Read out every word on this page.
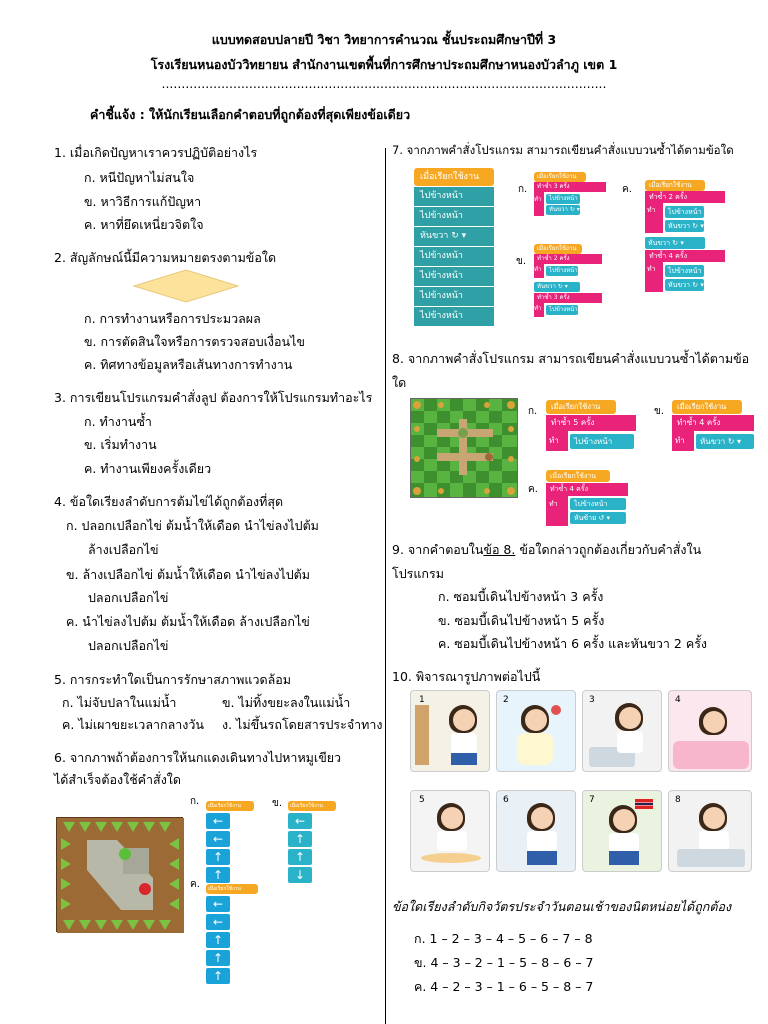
แบบทดสอบปลายปี วิชา วิทยาการคำนวณ ชั้นประถมศึกษาปีที่ 3
โรงเรียนหนองบัววิทยายน สำนักงานเขตพื้นที่การศึกษาประถมศึกษาหนองบัวลำภู เขต 1
................................................................................................................
คำชี้แจ้ง : ให้นักเรียนเลือกคำตอบที่ถูกต้องที่สุดเพียงข้อเดียว
1. เมื่อเกิดปัญหาเราควรปฏิบัติอย่างไร
ก. หนีปัญหาไม่สนใจ
ข. หาวิธีการแก้ปัญหา
ค. หาที่ยึดเหนี่ยวจิตใจ
2. สัญลักษณ์นี้มีความหมายตรงตามข้อใด
ก. การทำงานหรือการประมวลผล
ข. การตัดสินใจหรือการตรวจสอบเงื่อนไข
ค. ทิศทางข้อมูลหรือเส้นทางการทำงาน
3. การเขียนโปรแกรมคำสั่งลูป ต้องการให้โปรแกรมทำอะไร
ก. ทำงานซ้ำ
ข. เริ่มทำงาน
ค. ทำงานเพียงครั้งเดียว
4. ข้อใดเรียงลำดับการต้มไข่ได้ถูกต้องที่สุด
ก. ปลอกเปลือกไข่ ต้มน้ำให้เดือด นำไข่ลงไปต้ม
ล้างเปลือกไข่
ข. ล้างเปลือกไข่ ต้มน้ำให้เดือด นำไข่ลงไปต้ม
ปลอกเปลือกไข่
ค. นำไข่ลงไปต้ม ต้มน้ำให้เดือด ล้างเปลือกไข่
ปลอกเปลือกไข่
5. การกระทำใดเป็นการรักษาสภาพแวดล้อม
ก. ไม่จับปลาในแม่น้ำ	ข. ไม่ทิ้งขยะลงในแม่น้ำ
ค. ไม่เผาขยะเวลากลางวัน ง. ไม่ขึ้นรถโดยสารประจำทาง
6. จากภาพถ้าต้องการให้นกแดงเดินทางไปหาหมูเขียว
ได้สำเร็จต้องใช้คำสั่งใด
ก.	เมื่อเรียกใช้งาน
←
←
↑
↑
ข.	เมื่อเรียกใช้งาน
←
↑
↑
↓
ค.	เมื่อเรียกใช้งาน
←
←
↑
↑
↑
7. จากภาพคำสั่งโปรแกรม สามารถเขียนคำสั่งแบบวนซ้ำได้ตามข้อใด
เมื่อเรียกใช้งาน
ไปข้างหน้า
ไปข้างหน้า
หันขวา ↻ ▾
ไปข้างหน้า
ไปข้างหน้า
ไปข้างหน้า
ไปข้างหน้า
ก.
เมื่อเรียกใช้งาน
ทำซ้ำ 3 ครั้ง
ทำ	ไปข้างหน้า
หันขวา ↻ ▾
ค.	เมื่อเรียกใช้งาน
ทำซ้ำ 2 ครั้ง
ทำ	ไปข้างหน้า
หันขวา ↻ ▾
หันขวา ↻ ▾
ทำซ้ำ 4 ครั้ง
ทำ	ไปข้างหน้า
หันขวา ↻ ▾
ข.
เมื่อเรียกใช้งาน
ทำซ้ำ 2 ครั้ง
ทำ	ไปข้างหน้า
หันขวา ↻ ▾
ทำซ้ำ 3 ครั้ง
ทำ	ไปข้างหน้า
8. จากภาพคำสั่งโปรแกรม สามารถเขียนคำสั่งแบบวนซ้ำได้ตามข้อ
ใด
ก.	เมื่อเรียกใช้งาน
ทำซ้ำ 5 ครั้ง
ทำ	ไปข้างหน้า
ข.	เมื่อเรียกใช้งาน
ทำซ้ำ 4 ครั้ง
ทำ	หันขวา ↻ ▾
ค.
เมื่อเรียกใช้งาน
ทำซ้ำ 4 ครั้ง
ทำ	ไปข้างหน้า
หันซ้าย ↺ ▾
9. จากคำตอบในข้อ 8. ข้อใดกล่าวถูกต้องเกี่ยวกับคำสั่งใน
โปรแกรม
ก. ซอมบี้เดินไปข้างหน้า 3 ครั้ง
ข. ซอมบี้เดินไปข้างหน้า 5 ครั้ง
ค. ซอมบี้เดินไปข้างหน้า 6 ครั้ง และหันขวา 2 ครั้ง
10. พิจารณารูปภาพต่อไปนี้
1	2	3	4
5	6	7	8
ข้อใดเรียงลำดับกิจวัตรประจำวันตอนเช้าของนิตหน่อยได้ถูกต้อง
ก. 1 – 2 – 3 – 4 – 5 – 6 – 7 – 8
ข. 4 – 3 – 2 – 1 – 5 – 8 – 6 – 7
ค. 4 – 2 – 3 – 1 – 6 – 5 – 8 – 7
